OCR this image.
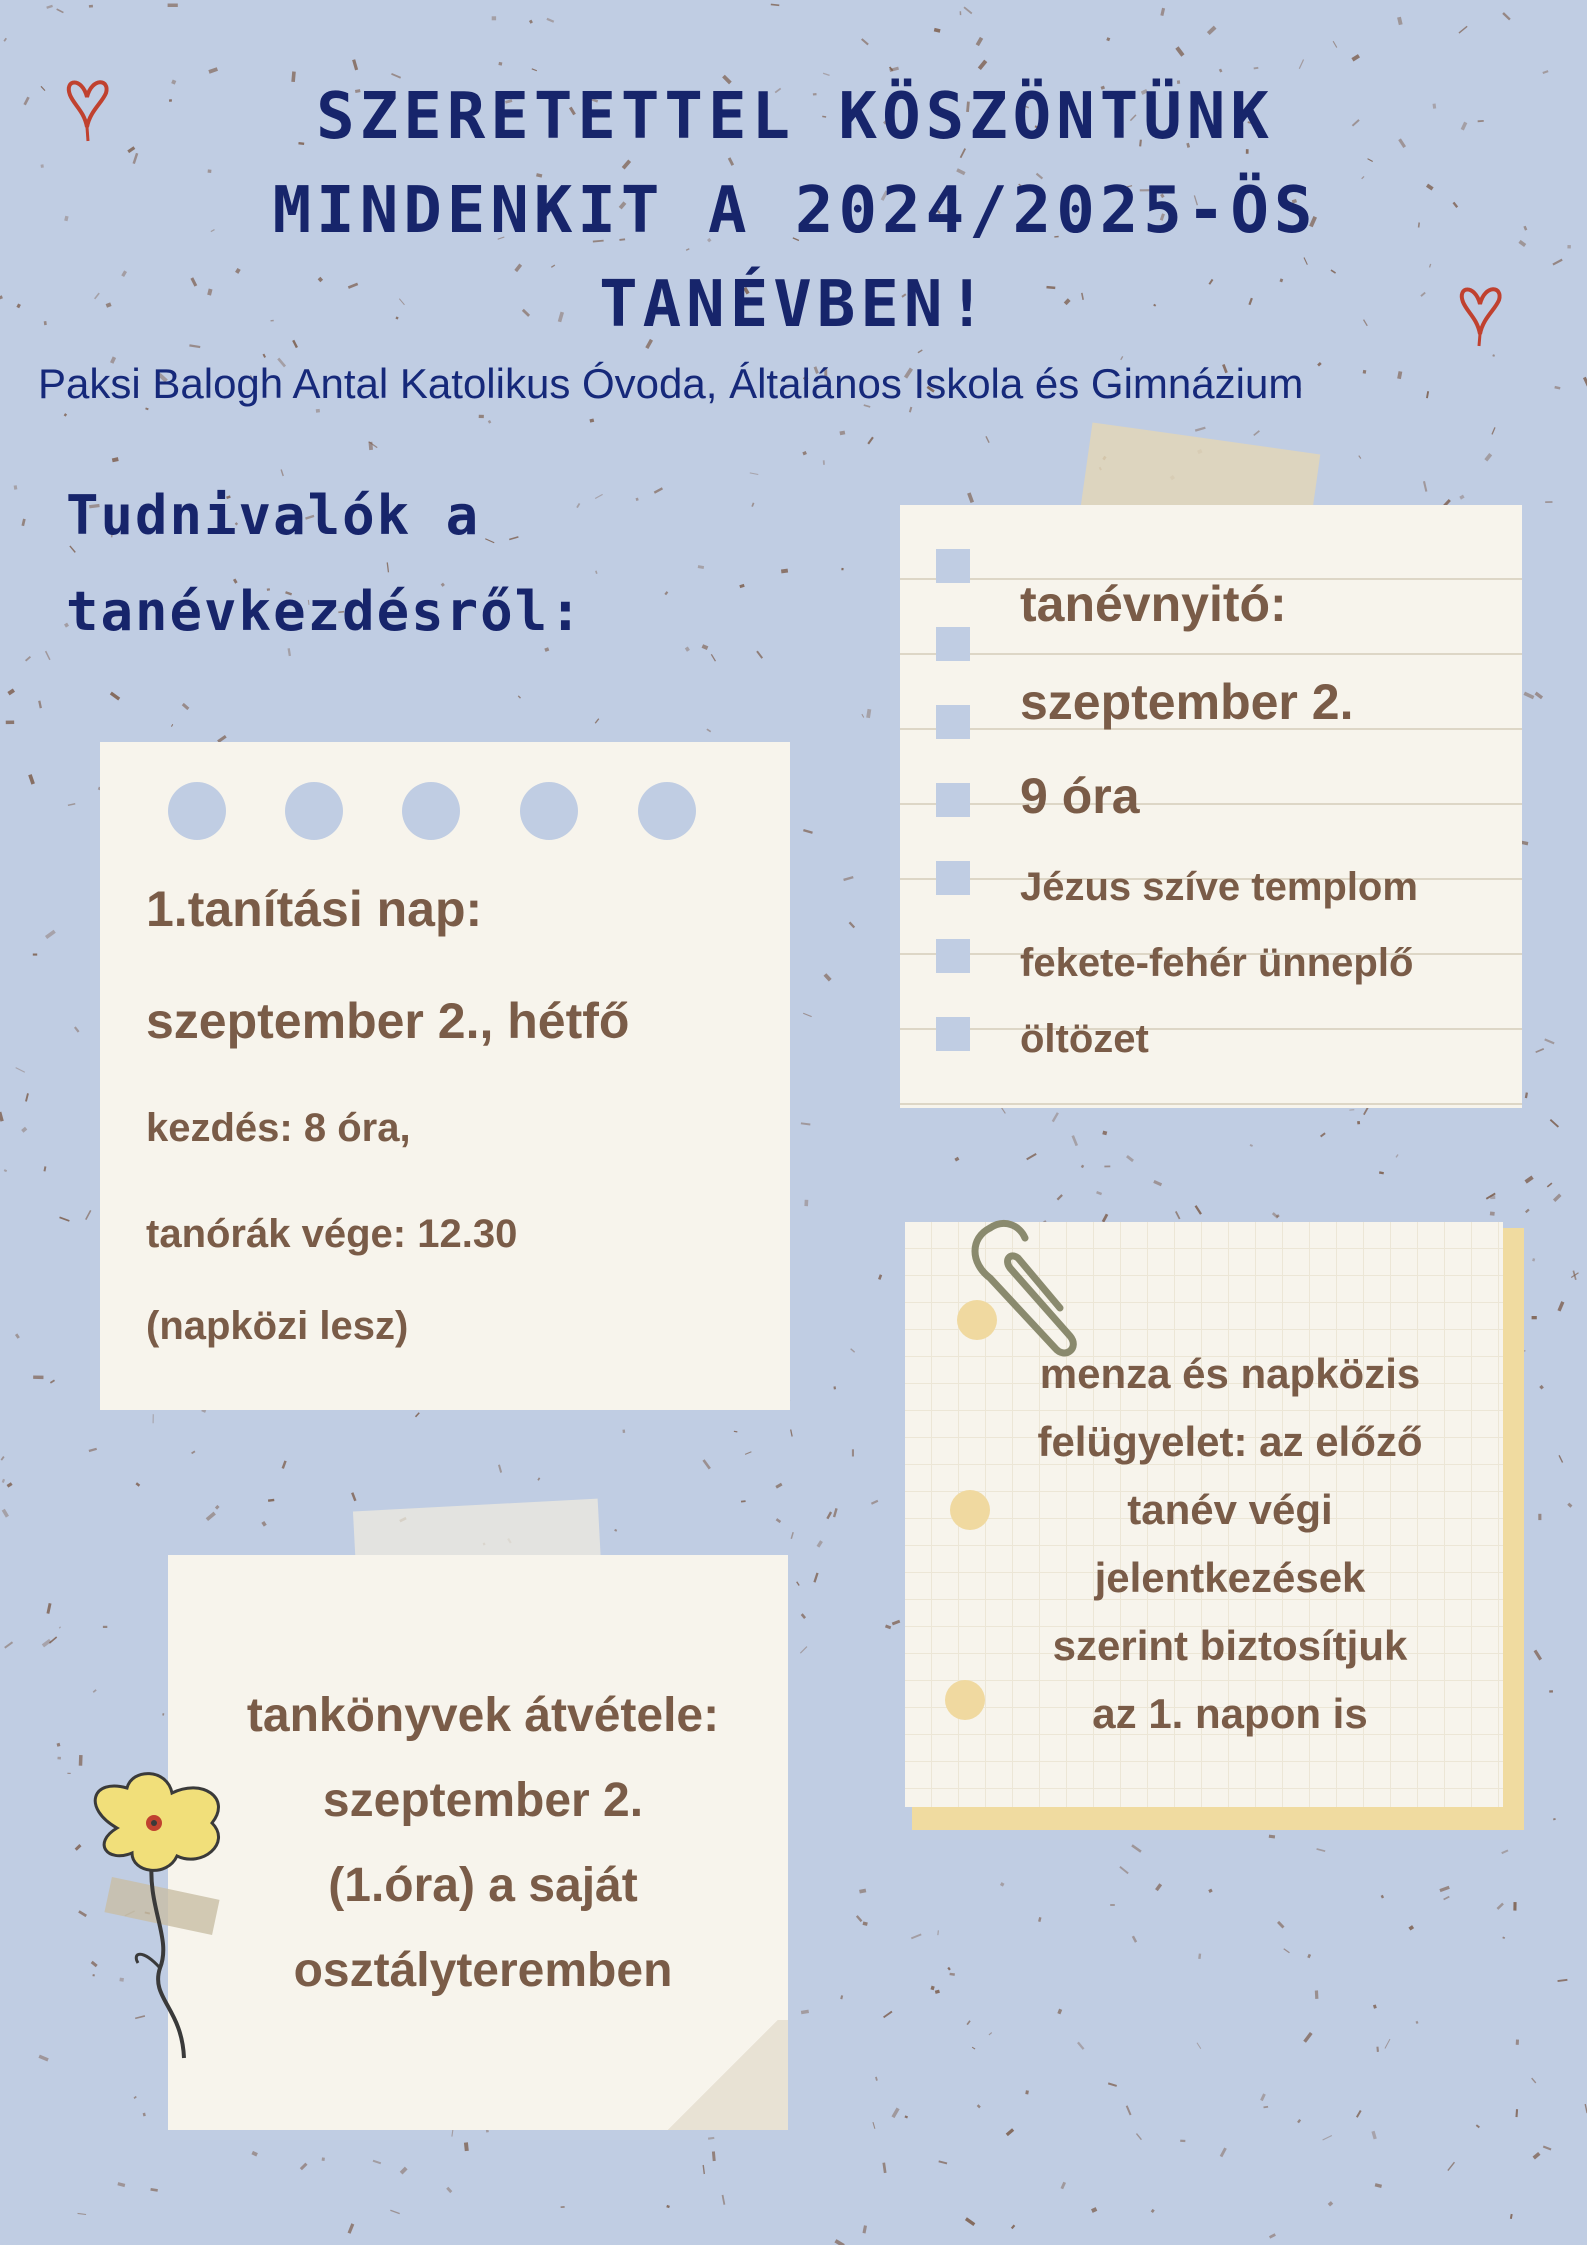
SZERETETTEL KÖSZÖNTÜNK
MINDENKIT A 2024/2025-ÖS
TANÉVBEN!
Paksi Balogh Antal Katolikus Óvoda, Általános Iskola és Gimnázium
Tudnivalók a
tanévkezdésről:
1.tanítási nap:
szeptember 2., hétfő
kezdés: 8 óra,
tanórák vége: 12.30
(napközi lesz)
tanévnyitó:
szeptember 2.
9 óra
Jézus szíve templom
fekete-fehér ünneplő
öltözet
menza és napközis
felügyelet: az előző
tanév végi
jelentkezések
szerint biztosítjuk
az 1. napon is
tankönyvek átvétele:
szeptember 2.
(1.óra) a saját
osztályteremben
